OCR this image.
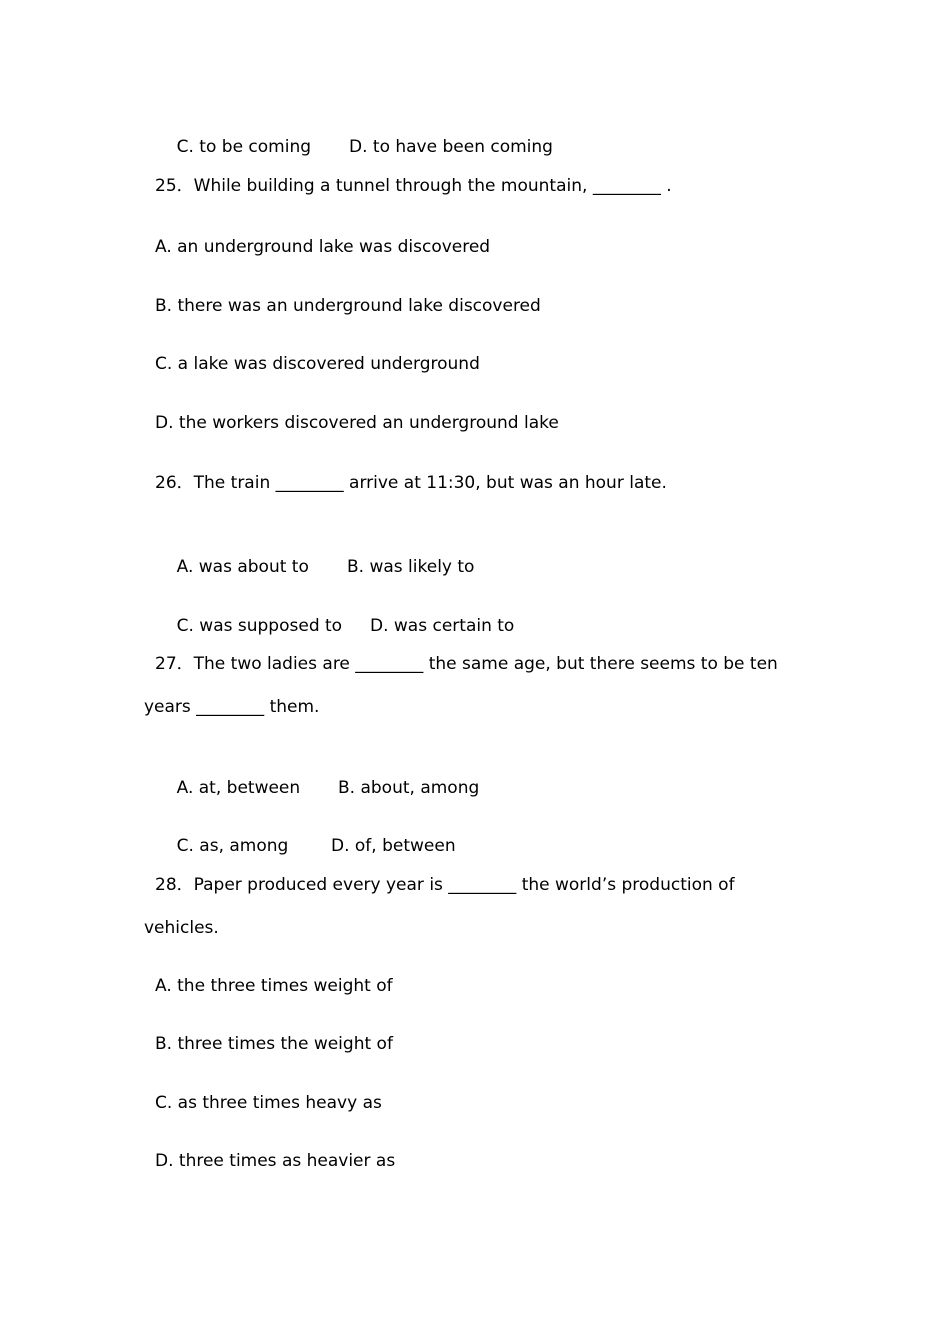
C. to be coming D. to have been coming

25．While building a tunnel through the mountain, ________ .
A. an underground lake was discovered
B. there was an underground lake discovered
C. a lake was discovered underground
D. the workers discovered an underground lake
26．The train ________ arrive at 11:30, but was an hour late.

A. was about to B. was likely to

C. was supposed to D. was certain to

27．The two ladies are ________ the same age, but there seems to be ten
years ________ them.

A. at, between B. about, among

C. as, among	D. of, between

28．Paper produced every year is ________ the world’s production of
vehicles.
A. the three times weight of
B. three times the weight of
C. as three times heavy as
D. three times as heavier as
